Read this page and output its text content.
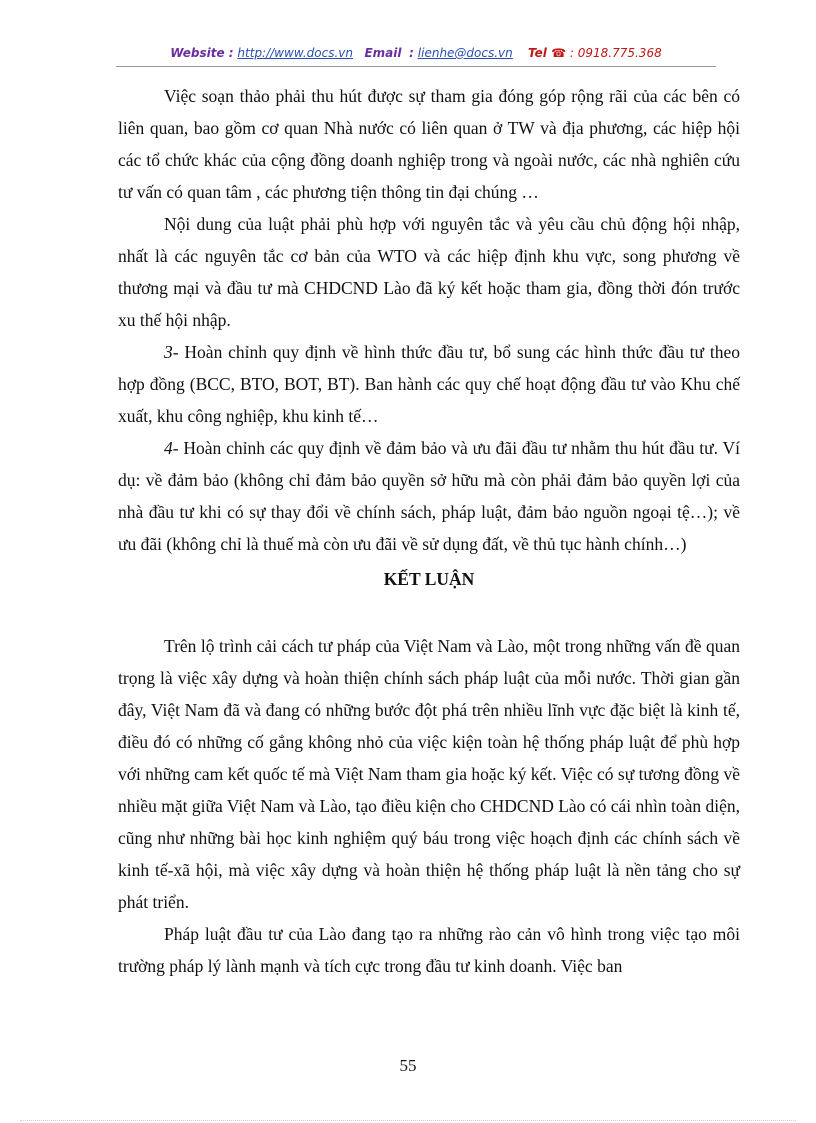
Website : http://www.docs.vn Email : lienhe@docs.vn Tel ☎ : 0918.775.368

Việc soạn thảo phải thu hút được sự tham gia đóng góp rộng rãi của các bên có liên quan, bao gồm cơ quan Nhà nước có liên quan ở TW và địa phương, các hiệp hội các tổ chức khác của cộng đồng doanh nghiệp trong và ngoài nước, các nhà nghiên cứu tư vấn có quan tâm , các phương tiện thông tin đại chúng …

Nội dung của luật phải phù hợp với nguyên tắc và yêu cầu chủ động hội nhập, nhất là các nguyên tắc cơ bản của WTO và các hiệp định khu vực, song phương về thương mại và đầu tư mà CHDCND Lào đã ký kết hoặc tham gia, đồng thời đón trước xu thế hội nhập.

3- Hoàn chỉnh quy định về hình thức đầu tư, bổ sung các hình thức đầu tư theo hợp đồng (BCC, BTO, BOT, BT). Ban hành các quy chế hoạt động đầu tư vào Khu chế xuất, khu công nghiệp, khu kinh tế…

4- Hoàn chỉnh các quy định về đảm bảo và ưu đãi đầu tư nhằm thu hút đầu tư. Ví dụ: về đảm bảo (không chỉ đảm bảo quyền sở hữu mà còn phải đảm bảo quyền lợi của nhà đầu tư khi có sự thay đổi về chính sách, pháp luật, đảm bảo nguồn ngoại tệ…); về ưu đãi (không chỉ là thuế mà còn ưu đãi về sử dụng đất, về thủ tục hành chính…)

KẾT LUẬN

Trên lộ trình cải cách tư pháp của Việt Nam và Lào, một trong những vấn đề quan trọng là việc xây dựng và hoàn thiện chính sách pháp luật của mỗi nước. Thời gian gần đây, Việt Nam đã và đang có những bước đột phá trên nhiều lĩnh vực đặc biệt là kinh tế, điều đó có những cố gắng không nhỏ của việc kiện toàn hệ thống pháp luật để phù hợp với những cam kết quốc tế mà Việt Nam tham gia hoặc ký kết. Việc có sự tương đồng về nhiều mặt giữa Việt Nam và Lào, tạo điều kiện cho CHDCND Lào có cái nhìn toàn diện, cũng như những bài học kinh nghiệm quý báu trong việc hoạch định các chính sách về kinh tế-xã hội, mà việc xây dựng và hoàn thiện hệ thống pháp luật là nền tảng cho sự phát triển.

Pháp luật đầu tư của Lào đang tạo ra những rào cản vô hình trong việc tạo môi trường pháp lý lành mạnh và tích cực trong đầu tư kinh doanh. Việc ban

55
